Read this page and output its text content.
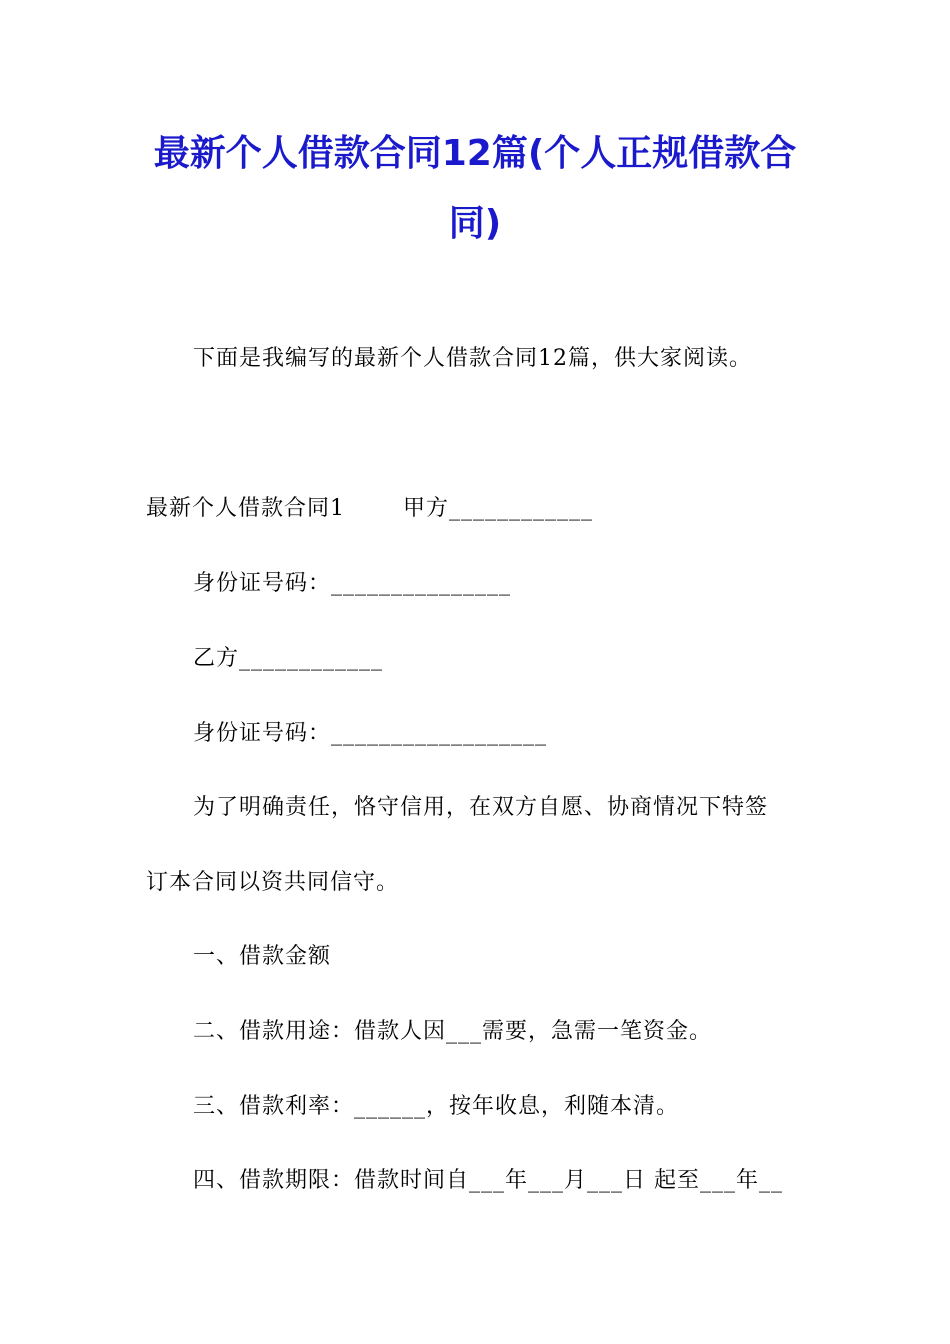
最新个人借款合同12篇(个人正规借款合
同)
下面是我编写的最新个人借款合同12篇，供大家阅读。
最新个人借款合同1	甲方____________
身份证号码：_______________
乙方____________
身份证号码：__________________
为了明确责任，恪守信用，在双方自愿、协商情况下特签
订本合同以资共同信守。
一、借款金额
二、借款用途：借款人因___需要，急需一笔资金。
三、借款利率：______，按年收息，利随本清。
四、借款期限：借款时间自___年___月___日 起至___年__
